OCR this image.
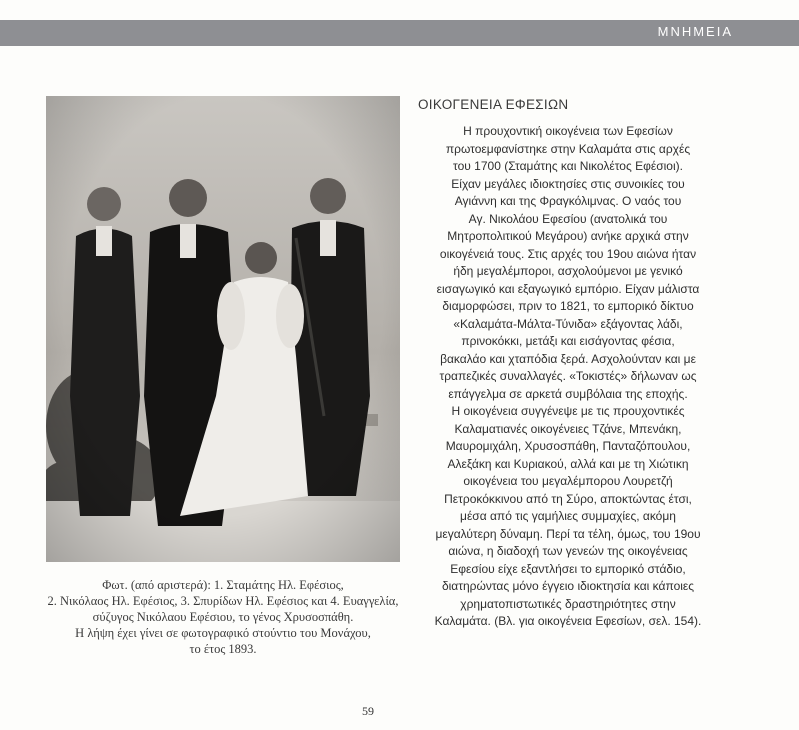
ΜΝΗΜΕΙΑ
Φωτ. (από αριστερά): 1. Σταμάτης Ηλ. Εφέσιος,
2. Νικόλαος Ηλ. Εφέσιος, 3. Σπυρίδων Ηλ. Εφέσιος και 4. Ευαγγελία,
σύζυγος Νικόλαου Εφέσιου, το γένος Χρυσοσπάθη.
Η λήψη έχει γίνει σε φωτογραφικό στούντιο του Μονάχου,
το έτος 1893.
ΟΙΚΟΓΕΝΕΙΑ ΕΦΕΣΙΩΝ
Η προυχοντική οικογένεια των Εφεσίων
πρωτοεμφανίστηκε στην Καλαμάτα στις αρχές
του 1700 (Σταμάτης και Νικολέτος Εφέσιοι).
Είχαν μεγάλες ιδιοκτησίες στις συνοικίες του
Αγιάννη και της Φραγκόλιμνας. Ο ναός του
Αγ. Νικολάου Εφεσίου (ανατολικά του
Μητροπολιτικού Μεγάρου) ανήκε αρχικά στην
οικογένειά τους. Στις αρχές του 19ου αιώνα ήταν
ήδη μεγαλέμποροι, ασχολούμενοι με γενικό
εισαγωγικό και εξαγωγικό εμπόριο. Είχαν μάλιστα
διαμορφώσει, πριν το 1821, το εμπορικό δίκτυο
«Καλαμάτα-Μάλτα-Τύνιδα» εξάγοντας λάδι,
πρινοκόκκι, μετάξι και εισάγοντας φέσια,
βακαλάο και χταπόδια ξερά. Ασχολούνταν και με
τραπεζικές συναλλαγές. «Τοκιστές» δήλωναν ως
επάγγελμα σε αρκετά συμβόλαια της εποχής.
Η οικογένεια συγγένεψε με τις προυχοντικές
Καλαματιανές οικογένειες Τζάνε, Μπενάκη,
Μαυρομιχάλη, Χρυσοσπάθη, Πανταζόπουλου,
Αλεξάκη και Κυριακού, αλλά και με τη Χιώτικη
οικογένεια του μεγαλέμπορου Λουρετζή
Πετροκόκκινου από τη Σύρο, αποκτώντας έτσι,
μέσα από τις γαμήλιες συμμαχίες, ακόμη
μεγαλύτερη δύναμη. Περί τα τέλη, όμως, του 19ου
αιώνα, η διαδοχή των γενεών της οικογένειας
Εφεσίου είχε εξαντλήσει το εμπορικό στάδιο,
διατηρώντας μόνο έγγειο ιδιοκτησία και κάποιες
χρηματοπιστωτικές δραστηριότητες στην
Καλαμάτα. (Βλ. για οικογένεια Εφεσίων, σελ. 154).
59
